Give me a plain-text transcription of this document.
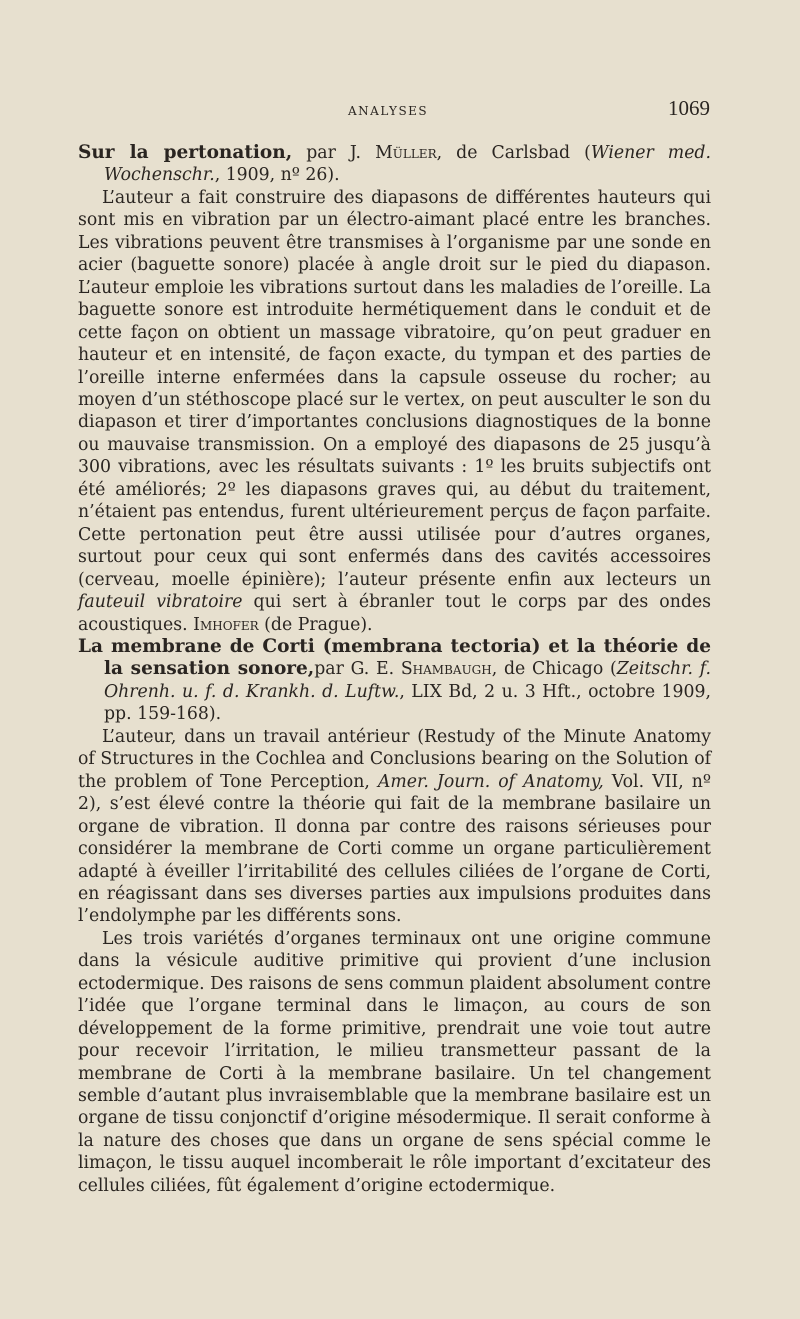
ANALYSES	1069

Sur la pertonation, par J. Müller, de Carlsbad (Wiener med. Wochenschr., 1909, nº 26).

L’auteur a fait construire des diapasons de différentes hauteurs qui sont mis en vibration par un électro-aimant placé entre les branches. Les vibrations peuvent être transmises à l’organisme par une sonde en acier (baguette sonore) placée à angle droit sur le pied du diapason. L’auteur emploie les vibrations surtout dans les maladies de l’oreille. La baguette sonore est introduite hermétiquement dans le conduit et de cette façon on obtient un massage vibratoire, qu’on peut graduer en hauteur et en intensité, de façon exacte, du tympan et des parties de l’oreille interne enfermées dans la capsule osseuse du rocher; au moyen d’un stéthoscope placé sur le vertex, on peut ausculter le son du diapason et tirer d’importantes conclusions diagnostiques de la bonne ou mauvaise transmission. On a employé des diapasons de 25 jusqu’à 300 vibrations, avec les résultats suivants : 1º les bruits subjectifs ont été améliorés; 2º les diapasons graves qui, au début du traitement, n’étaient pas entendus, furent ultérieurement perçus de façon parfaite. Cette pertonation peut être aussi utilisée pour d’autres organes, surtout pour ceux qui sont enfermés dans des cavités accessoires (cerveau, moelle épinière); l’auteur présente enfin aux lecteurs un fauteuil vibratoire qui sert à ébranler tout le corps par des ondes acoustiques. Imhofer (de Prague).

La membrane de Corti (membrana tectoria) et la théorie de la sensation sonore,par G. E. Shambaugh, de Chicago (Zeitschr. f. Ohrenh. u. f. d. Krankh. d. Luftw., LIX Bd, 2 u. 3 Hft., octobre 1909, pp. 159-168).

L’auteur, dans un travail antérieur (Restudy of the Minute Anatomy of Structures in the Cochlea and Conclusions bearing on the Solution of the problem of Tone Perception, Amer. Journ. of Anatomy, Vol. VII, nº 2), s’est élevé contre la théorie qui fait de la membrane basilaire un organe de vibration. Il donna par contre des raisons sérieuses pour considérer la membrane de Corti comme un organe particulièrement adapté à éveiller l’irritabilité des cellules ciliées de l’organe de Corti, en réagissant dans ses diverses parties aux impulsions produites dans l’endolymphe par les différents sons.

Les trois variétés d’organes terminaux ont une origine commune dans la vésicule auditive primitive qui provient d’une inclusion ectodermique. Des raisons de sens commun plaident absolument contre l’idée que l’organe terminal dans le limaçon, au cours de son développement de la forme primitive, prendrait une voie tout autre pour recevoir l’irritation, le milieu transmetteur passant de la membrane de Corti à la membrane basilaire. Un tel changement semble d’autant plus invraisemblable que la membrane basilaire est un organe de tissu conjonctif d’origine mésodermique. Il serait conforme à la nature des choses que dans un organe de sens spécial comme le limaçon, le tissu auquel incomberait le rôle important d’excitateur des cellules ciliées, fût également d’origine ectodermique.
